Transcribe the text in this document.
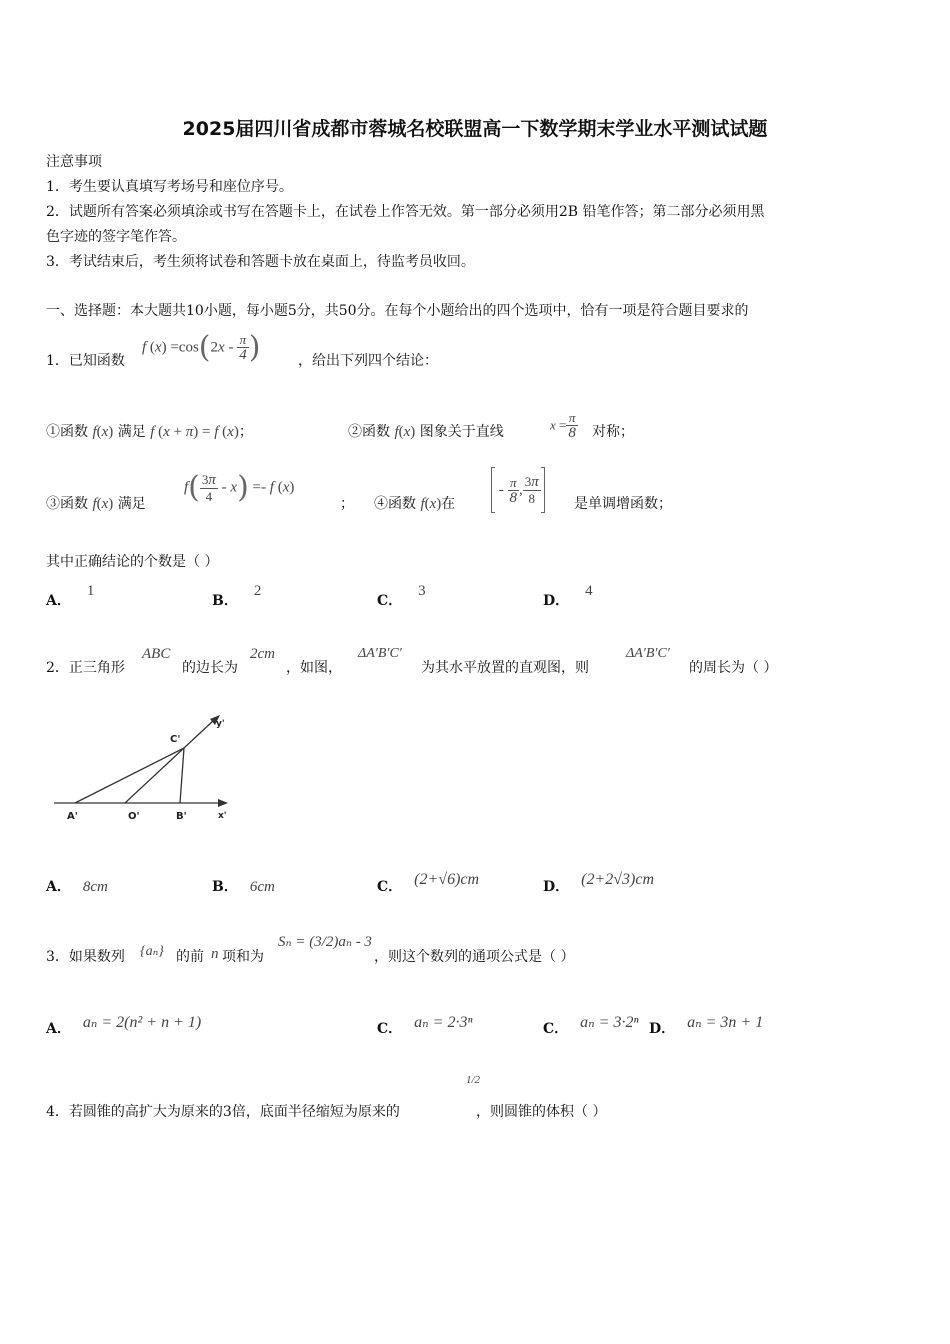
2025届四川省成都市蓉城名校联盟高一下数学期末学业水平测试试题
注意事项
1．考生要认真填写考场号和座位序号。
2．试题所有答案必须填涂或书写在答题卡上，在试卷上作答无效。第一部分必须用2B 铅笔作答；第二部分必须用黑
色字迹的签字笔作答。
3．考试结束后，考生须将试卷和答题卡放在桌面上，待监考员收回。
一、选择题：本大题共10小题，每小题5分，共50分。在每个小题给出的四个选项中，恰有一项是符合题目要求的
1．已知函数
f $(x) =\cos(2x - \frac{\pi}{4}$ )	，给出下列四个结论：
①函数 f(x) 满足 f (x + π) = f (x)；	②函数 f(x) 图象关于直线	$x = \frac{\pi}{8}$ 对称；
③函数 f(x) 满足
$f( \frac{3\pi}{4} - x) =- f$ (x)
； ④函数 f(x)在
- $\frac{\pi}{8}$ , $\frac{3\pi}{8}$ 是单调增函数；
其中正确结论的个数是（ ）
A．1
B．2
C．3
D．4
2．正三角形
ABC
的边长为
2cm
，如图，
ΔA′B′C′
为其水平放置的直观图，则
ΔA′B′C′
的周长为（ ）
C'
y'
A'	O'	B'	x'
A． 8cm	B． 6cm	C． (2+√6)cm	D． (2+2√3)cm
3．如果数列 {aₙ} 的前 n 项和为
Sₙ = (3/2)aₙ - 3
，则这个数列的通项公式是（ ）
A． aₙ = 2(n² + n + 1)	C． aₙ = 2·3ⁿ	C． aₙ = 3·2ⁿ D． aₙ = 3n + 1
4．若圆锥的高扩大为原来的3倍，底面半径缩短为原来的
1/2
，则圆锥的体积（ ）
